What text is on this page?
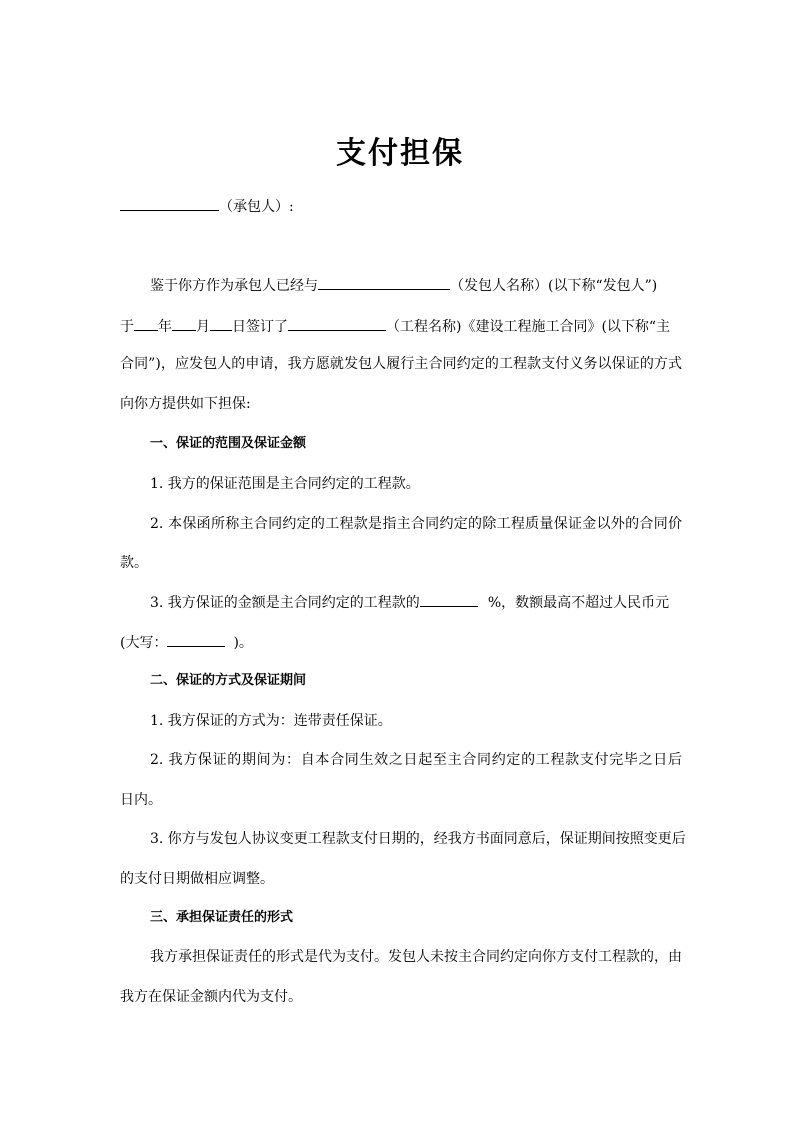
支付担保
（承包人）:
鉴于你方作为承包人已经与	（发包人名称）(以下称“发包人”)
于 年 月 日签订了	（工程名称)《建设工程施工合同》(以下称“主
合同”)，应发包人的申请，我方愿就发包人履行主合同约定的工程款支付义务以保证的方式
向你方提供如下担保:
一、保证的范围及保证金额
1. 我方的保证范围是主合同约定的工程款。
2. 本保函所称主合同约定的工程款是指主合同约定的除工程质量保证金以外的合同价
款。
3. 我方保证的金额是主合同约定的工程款的	%，数额最高不超过人民币元
(大写：	)。
二、保证的方式及保证期间
1. 我方保证的方式为：连带责任保证。
2. 我方保证的期间为：自本合同生效之日起至主合同约定的工程款支付完毕之日后
日内。
3. 你方与发包人协议变更工程款支付日期的，经我方书面同意后，保证期间按照变更后
的支付日期做相应调整。
三、承担保证责任的形式
我方承担保证责任的形式是代为支付。发包人未按主合同约定向你方支付工程款的，由
我方在保证金额内代为支付。
